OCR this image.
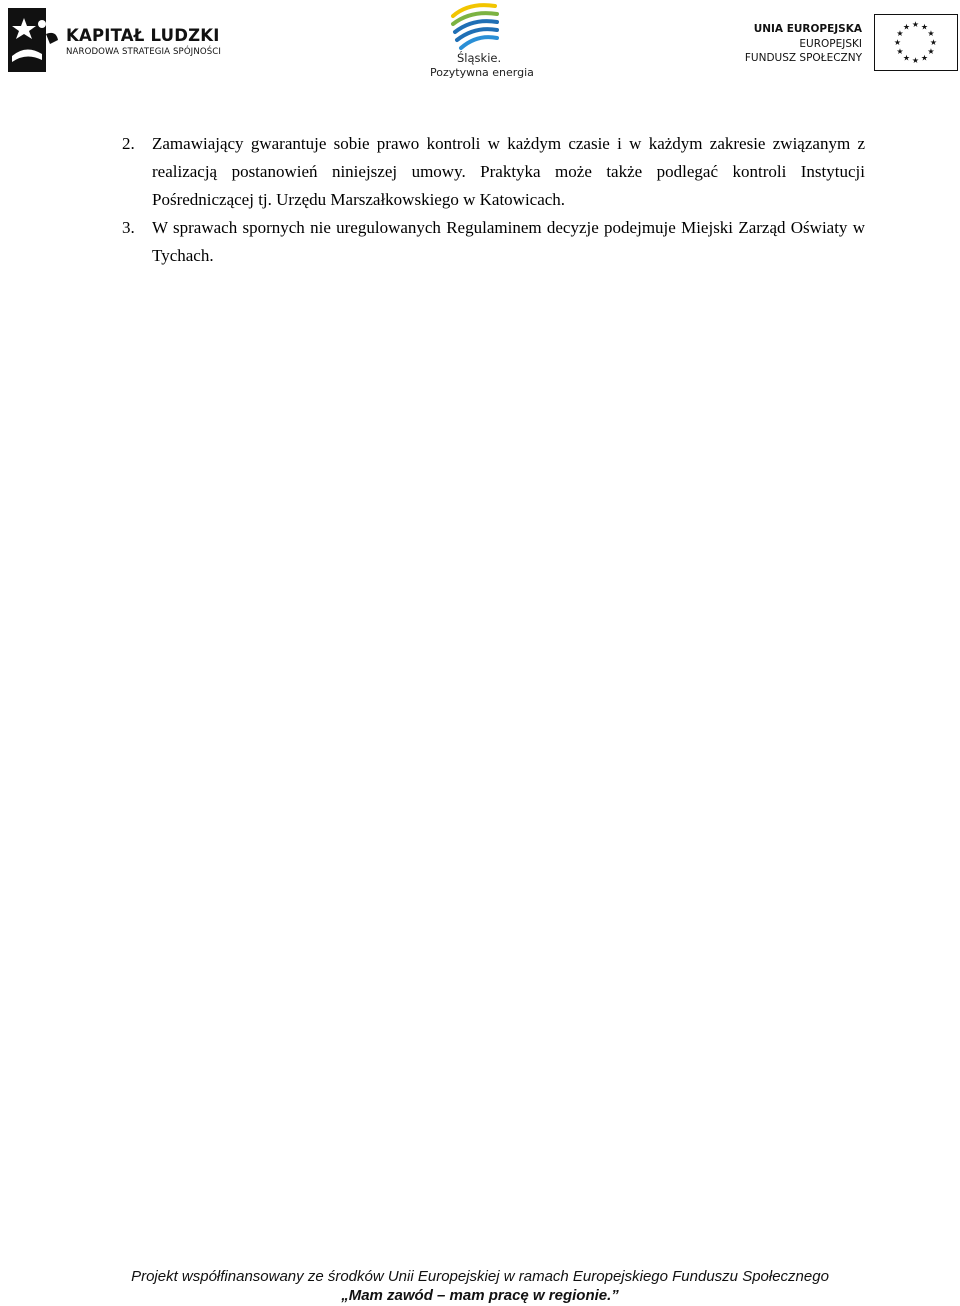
KAPITAŁ LUDZKI
NARODOWA STRATEGIA SPÓJNOŚCI	Śląskie.
Pozytywna energia
UNIA EUROPEJSKA
EUROPEJSKI
FUNDUSZ SPOŁECZNY
★ ★
★
★
★
★
★
★
★
★
★
★

2. Zamawiający gwarantuje sobie prawo kontroli w każdym czasie i w każdym zakresie związanym z realizacją postanowień niniejszej umowy. Praktyka może także podlegać kontroli Instytucji Pośredniczącej tj. Urzędu Marszałkowskiego w Katowicach.

3. W sprawach spornych nie uregulowanych Regulaminem decyzje podejmuje Miejski Zarząd Oświaty w Tychach.

Projekt współfinansowany ze środków Unii Europejskiej w ramach Europejskiego Funduszu Społecznego
„Mam zawód – mam pracę w regionie.”
